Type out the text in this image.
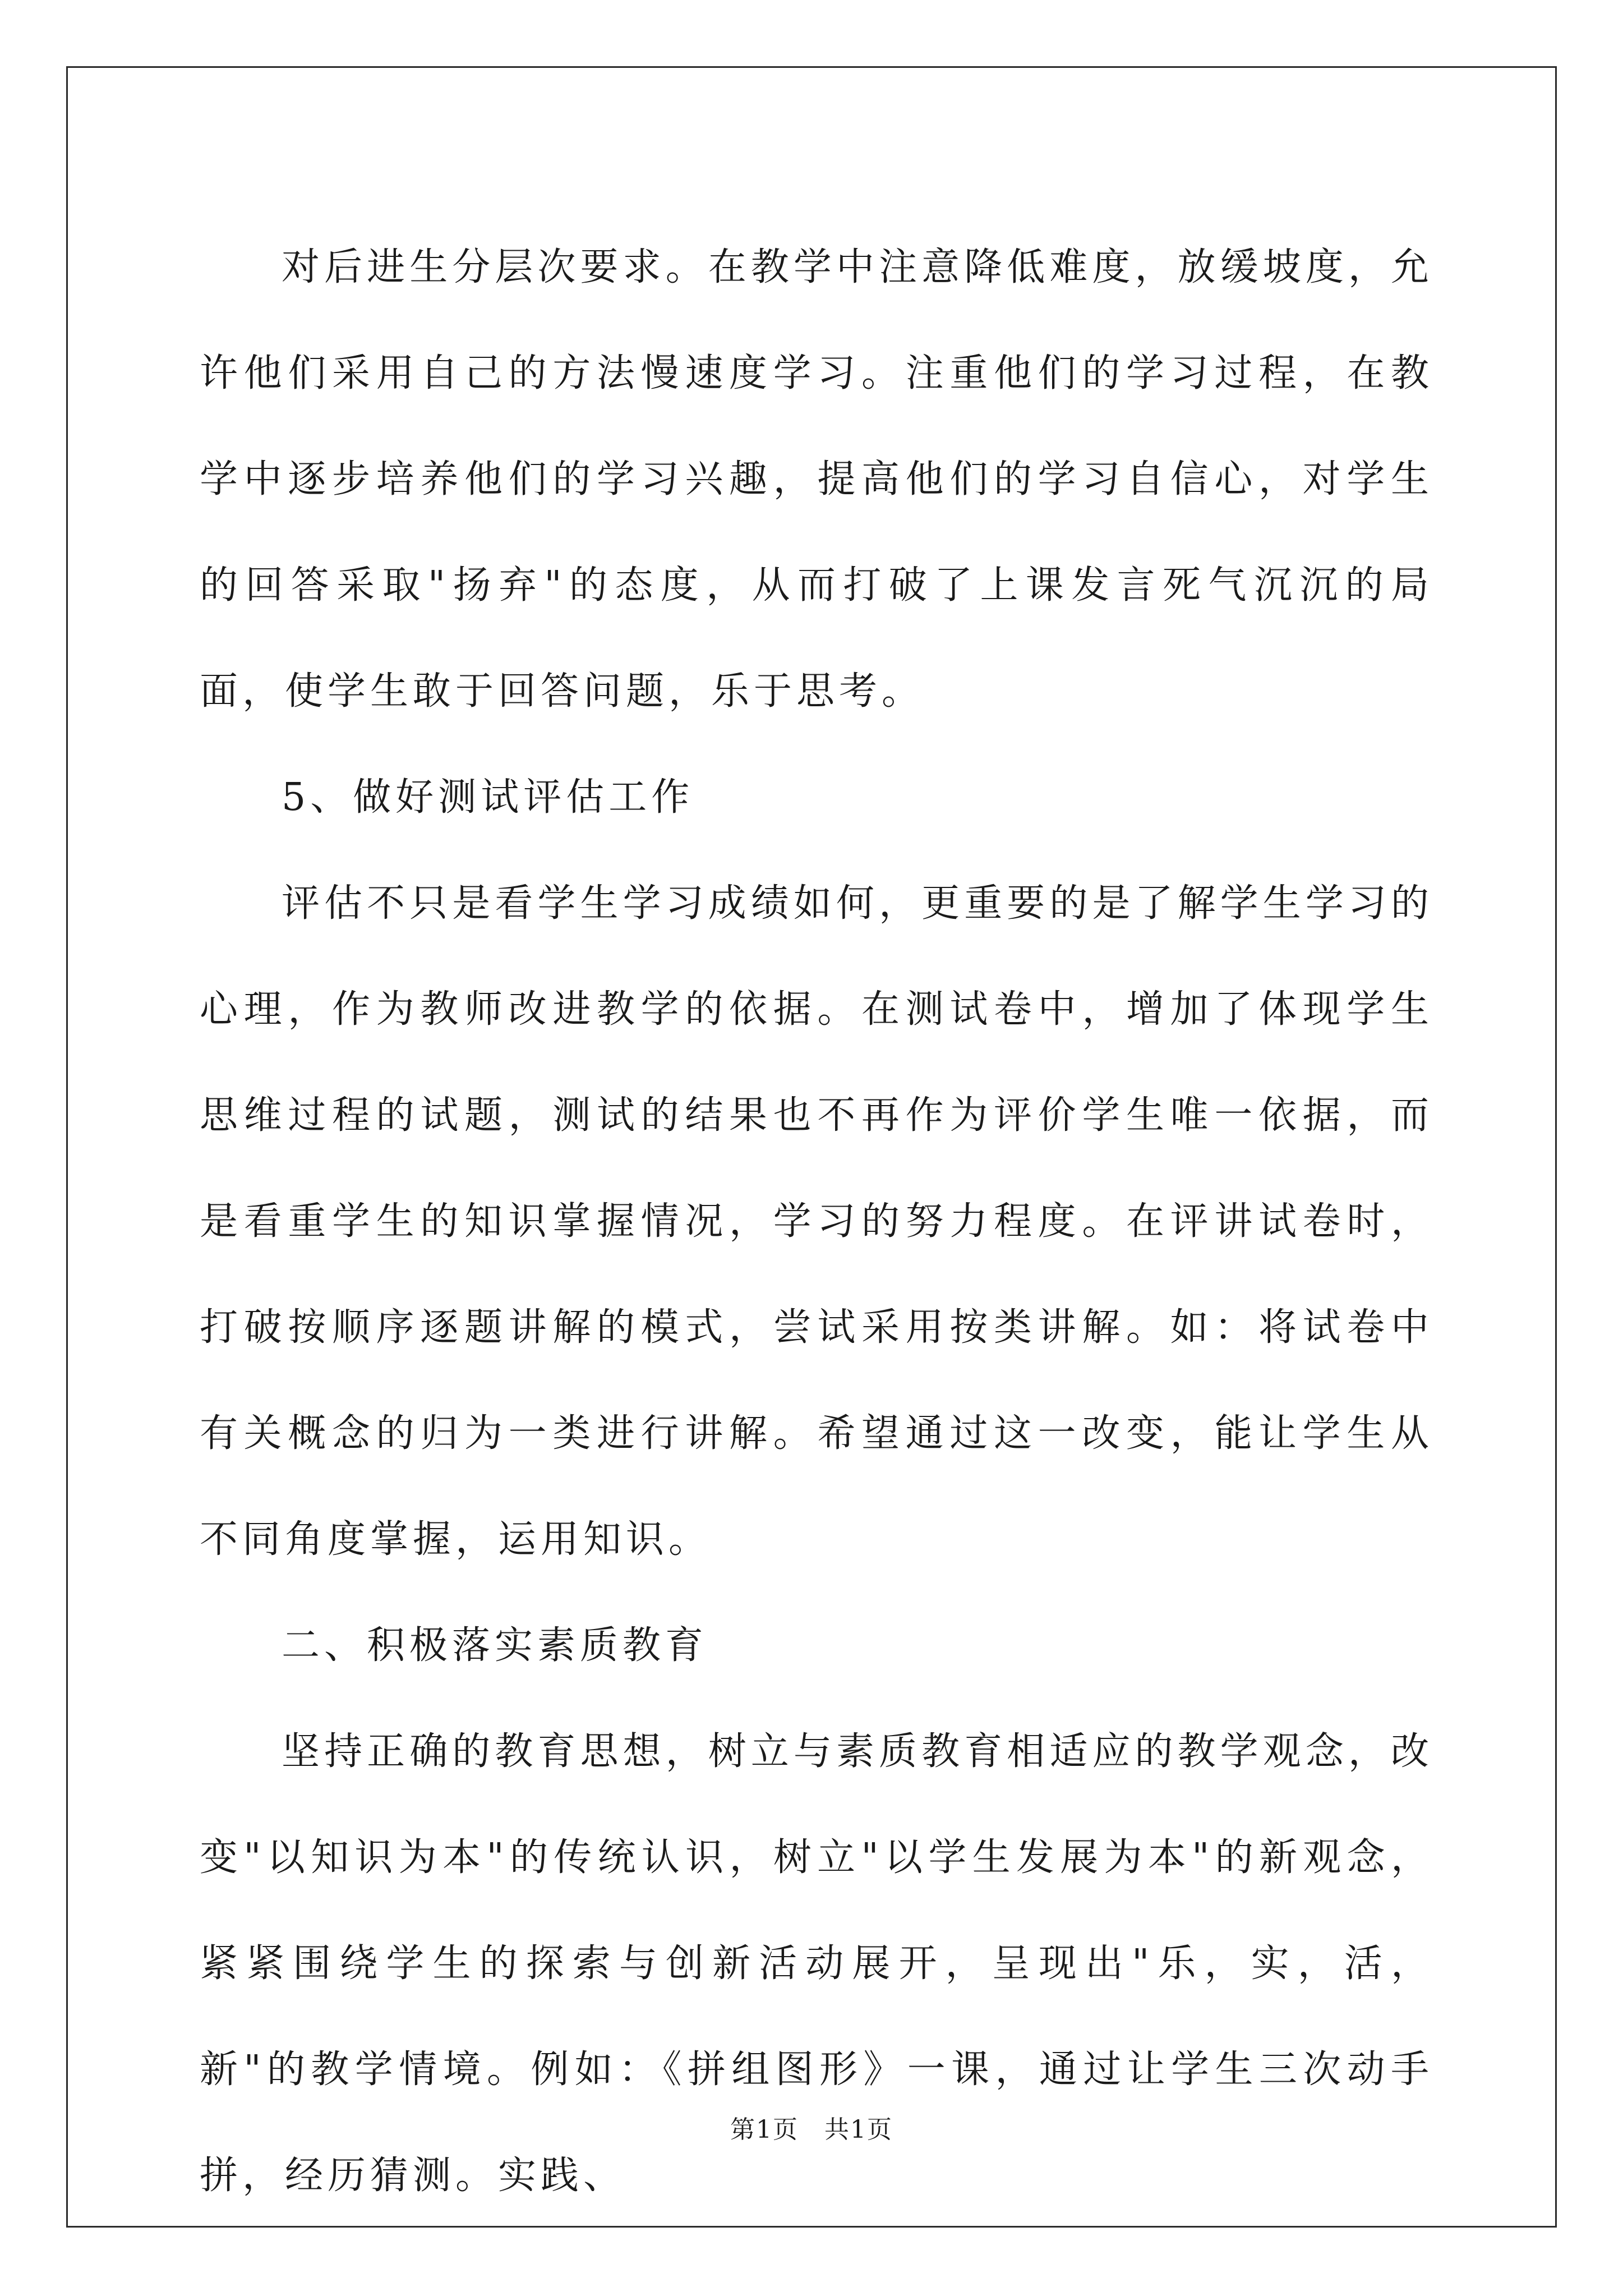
对后进生分层次要求。在教学中注意降低难度，放缓坡度，允许他们采用自己的方法慢速度学习。注重他们的学习过程，在教学中逐步培养他们的学习兴趣，提高他们的学习自信心，对学生的回答采取"扬弃"的态度，从而打破了上课发言死气沉沉的局面，使学生敢于回答问题，乐于思考。

5、做好测试评估工作

评估不只是看学生学习成绩如何，更重要的是了解学生学习的心理，作为教师改进教学的依据。在测试卷中，增加了体现学生思维过程的试题，测试的结果也不再作为评价学生唯一依据，而是看重学生的知识掌握情况，学习的努力程度。在评讲试卷时，打破按顺序逐题讲解的模式，尝试采用按类讲解。如：将试卷中有关概念的归为一类进行讲解。希望通过这一改变，能让学生从不同角度掌握，运用知识。

二、积极落实素质教育

坚持正确的教育思想，树立与素质教育相适应的教学观念，改变"以知识为本"的传统认识，树立"以学生发展为本"的新观念，紧紧围绕学生的探索与创新活动展开，呈现出"乐，实，活，新"的教学情境。例如：《拼组图形》一课，通过让学生三次动手拼，经历猜测。实践、

第1页　共1页
